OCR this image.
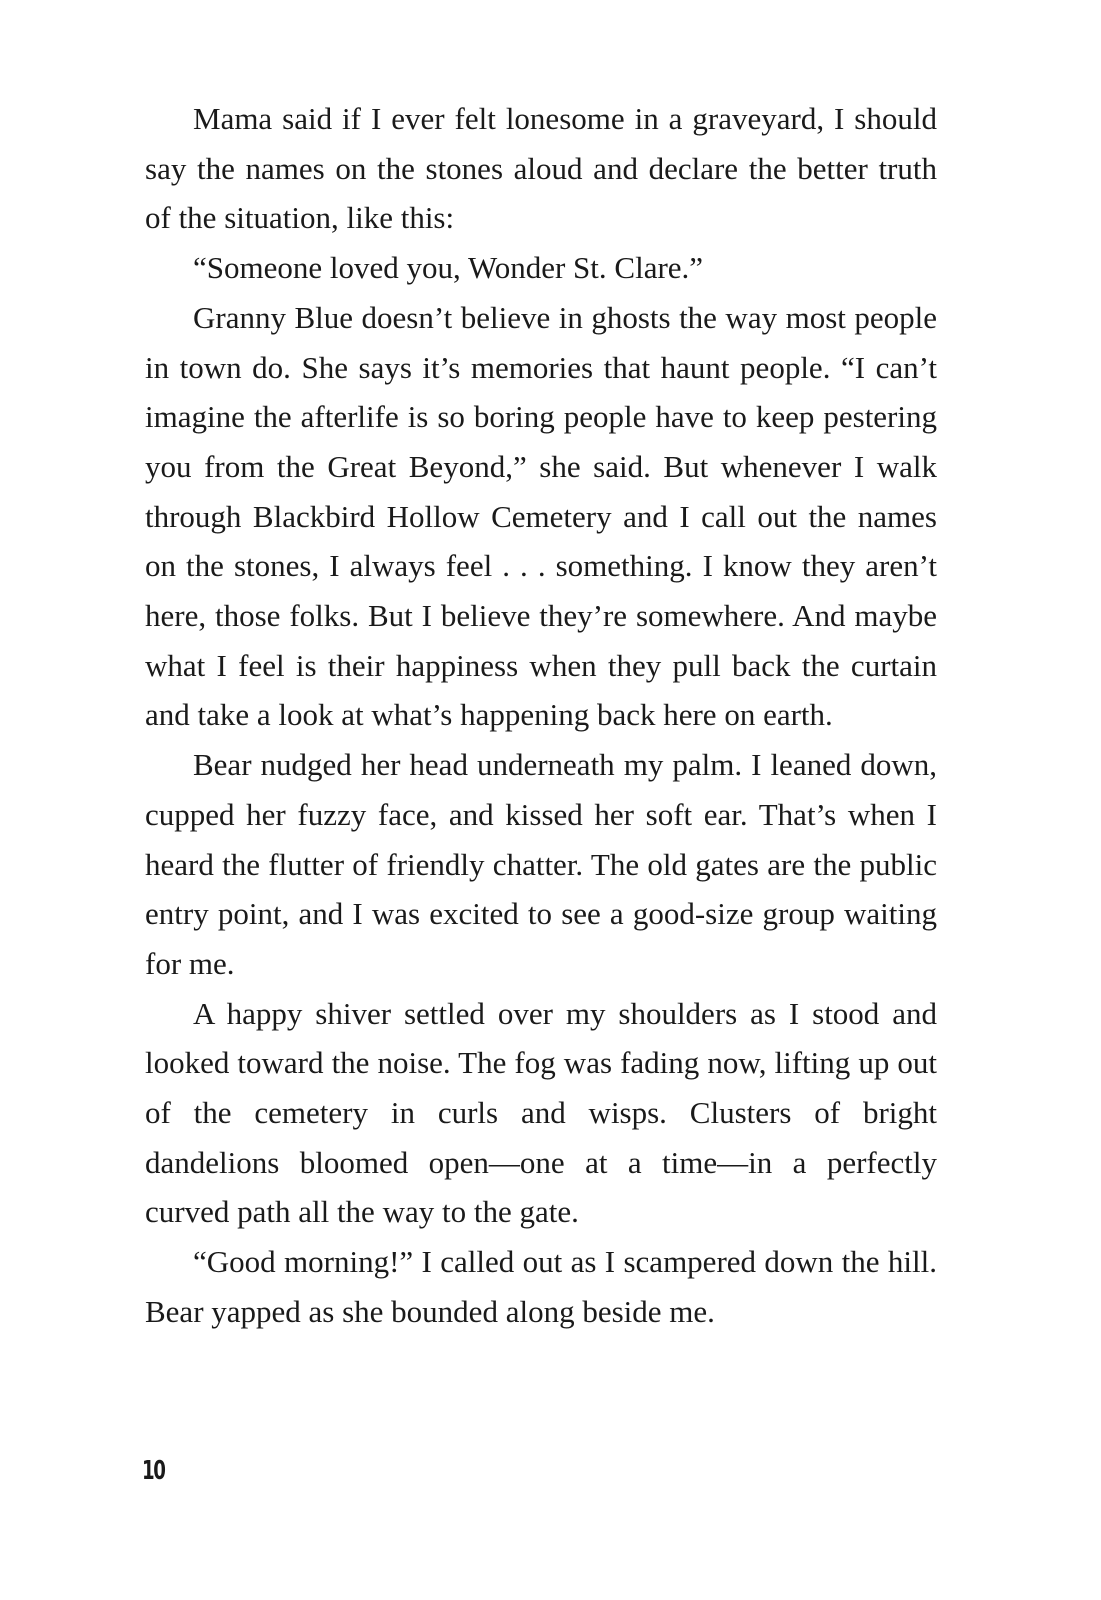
Mama said if I ever felt lonesome in a graveyard, I should say the names on the stones aloud and declare the better truth of the situation, like this:

“Someone loved you, Wonder St. Clare.”

Granny Blue doesn’t believe in ghosts the way most people in town do. She says it’s memories that haunt people. “I can’t imagine the afterlife is so boring people have to keep pestering you from the Great Beyond,” she said. But whenever I walk through Blackbird Hollow Cemetery and I call out the names on the stones, I always feel . . . something. I know they aren’t here, those folks. But I believe they’re somewhere. And maybe what I feel is their happiness when they pull back the curtain and take a look at what’s happening back here on earth.

Bear nudged her head underneath my palm. I leaned down, cupped her fuzzy face, and kissed her soft ear. That’s when I heard the flutter of friendly chatter. The old gates are the public entry point, and I was excited to see a good-size group waiting for me.

A happy shiver settled over my shoulders as I stood and looked toward the noise. The fog was fading now, lifting up out of the cemetery in curls and wisps. Clusters of bright dandelions bloomed open—one at a time—in a perfectly curved path all the way to the gate.

“Good morning!” I called out as I scampered down the hill. Bear yapped as she bounded along beside me.

10
